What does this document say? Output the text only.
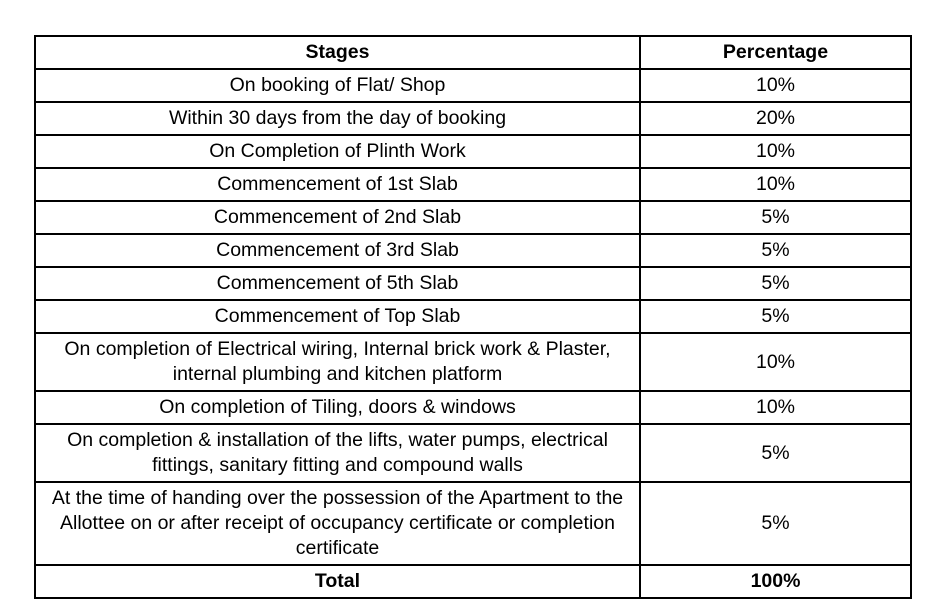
Stages	Percentage
On booking of Flat/ Shop	10%
Within 30 days from the day of booking	20%
On Completion of Plinth Work	10%
Commencement of 1st Slab	10%
Commencement of 2nd Slab	5%
Commencement of 3rd Slab	5%
Commencement of 5th Slab	5%
Commencement of Top Slab	5%
On completion of Electrical wiring, Internal brick work & Plaster, internal plumbing and kitchen platform	10%
On completion of Tiling, doors & windows	10%
On completion & installation of the lifts, water pumps, electrical fittings, sanitary fitting and compound walls	5%
At the time of handing over the possession of the Apartment to the Allottee on or after receipt of occupancy certificate or completion certificate	5%
Total	100%
